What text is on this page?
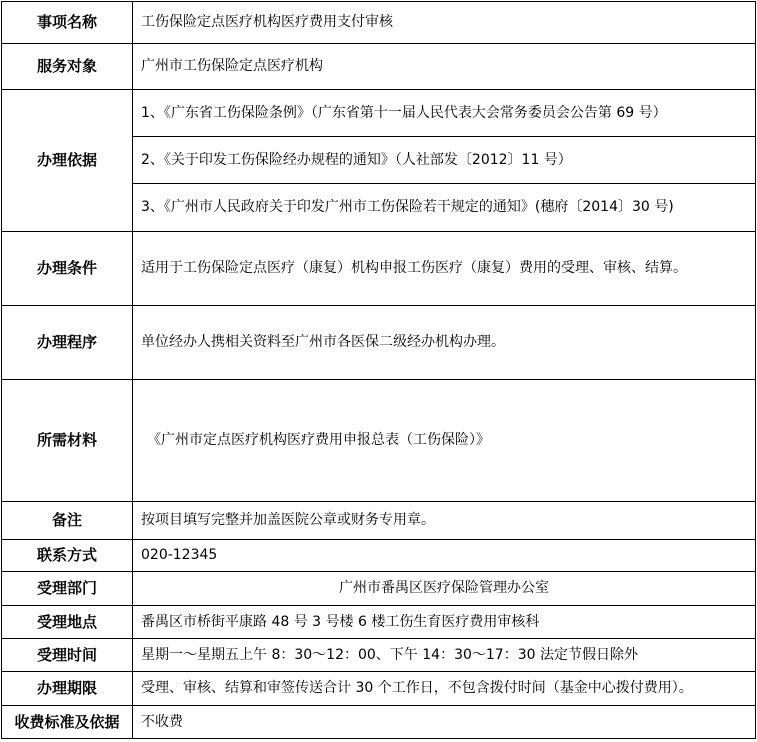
事项名称	工伤保险定点医疗机构医疗费用支付审核
服务对象	广州市工伤保险定点医疗机构
办理依据	1、《广东省工伤保险条例》（广东省第十一届人民代表大会常务委员会公告第 69 号）
	2、《关于印发工伤保险经办规程的通知》（人社部发〔2012〕11 号）
	3、《广州市人民政府关于印发广州市工伤保险若干规定的通知》(穗府〔2014〕30 号)
办理条件	适用于工伤保险定点医疗（康复）机构申报工伤医疗（康复）费用的受理、审核、结算。
办理程序	单位经办人携相关资料至广州市各医保二级经办机构办理。
所需材料	《广州市定点医疗机构医疗费用申报总表（工伤保险）》
备注	按项目填写完整并加盖医院公章或财务专用章。
联系方式	020-12345
受理部门	广州市番禺区医疗保险管理办公室
受理地点	番禺区市桥街平康路 48 号 3 号楼 6 楼工伤生育医疗费用审核科
受理时间	星期一～星期五上午 8：30～12：00、下午 14：30～17：30 法定节假日除外
办理期限	受理、审核、结算和审签传送合计 30 个工作日，不包含拨付时间（基金中心拨付费用）。
收费标准及依据	不收费
